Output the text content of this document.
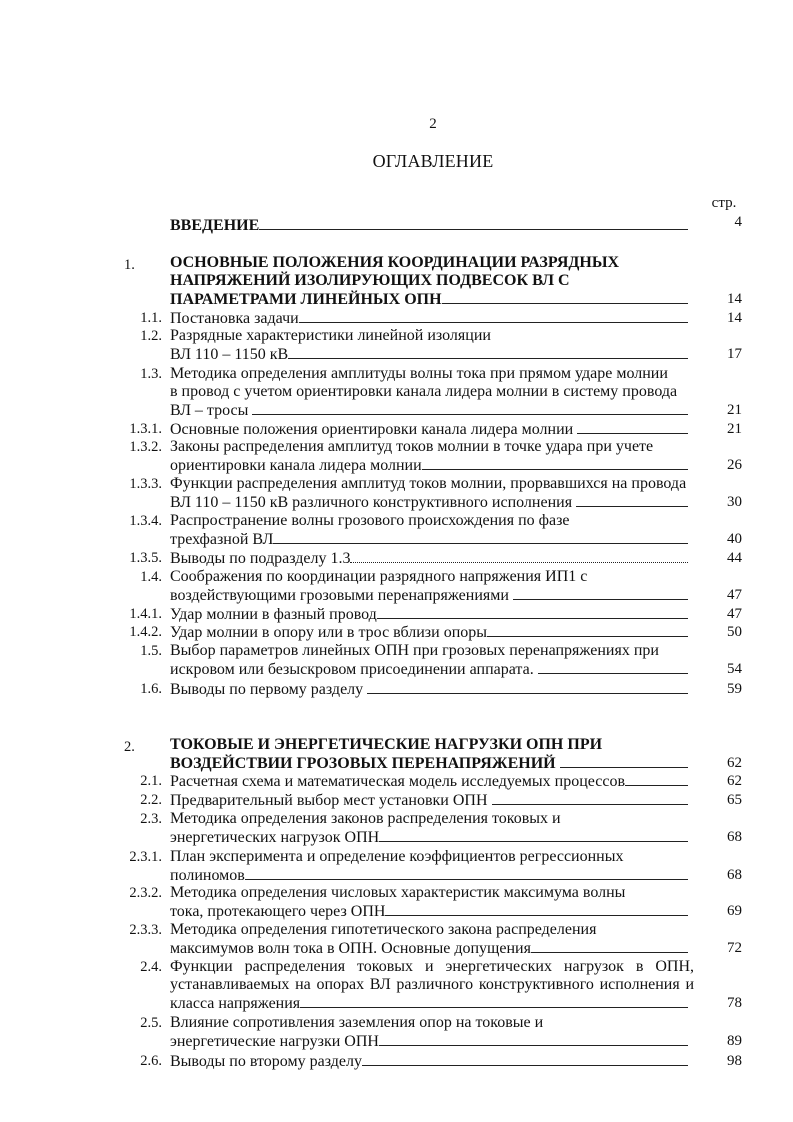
2
ОГЛАВЛЕНИЕ
стр.
ВВЕДЕНИЕ	4
1.	ОСНОВНЫЕ ПОЛОЖЕНИЯ КООРДИНАЦИИ РАЗРЯДНЫХ
НАПРЯЖЕНИЙ ИЗОЛИРУЮЩИХ ПОДВЕСОК ВЛ С
ПАРАМЕТРАМИ ЛИНЕЙНЫХ ОПН	14
1.1. Постановка задачи	14
1.2. Разрядные характеристики линейной изоляции
ВЛ 110 – 1150 кВ	17
1.3. Методика определения амплитуды волны тока при прямом ударе молнии
в провод с учетом ориентировки канала лидера молнии в систему провода
ВЛ – тросы	21
1.3.1. Основные положения ориентировки канала лидера молнии	21
1.3.2. Законы распределения амплитуд токов молнии в точке удара при учете
ориентировки канала лидера молнии	26
1.3.3. Функции распределения амплитуд токов молнии, прорвавшихся на провода
ВЛ 110 – 1150 кВ различного конструктивного исполнения	30
1.3.4. Распространение волны грозового происхождения по фазе
трехфазной ВЛ	40
1.3.5. Выводы по подразделу 1.3	44
1.4. Соображения по координации разрядного напряжения ИП1 с
воздействующими грозовыми перенапряжениями	47
1.4.1. Удар молнии в фазный провод	47
1.4.2. Удар молнии в опору или в трос вблизи опоры	50
1.5. Выбор параметров линейных ОПН при грозовых перенапряжениях при
искровом или безыскровом присоединении аппарата.	54
1.6. Выводы по первому разделу	59
2.	ТОКОВЫЕ И ЭНЕРГЕТИЧЕСКИЕ НАГРУЗКИ ОПН ПРИ
ВОЗДЕЙСТВИИ ГРОЗОВЫХ ПЕРЕНАПРЯЖЕНИЙ	62
2.1. Расчетная схема и математическая модель исследуемых процессов	62
2.2. Предварительный выбор мест установки ОПН	65
2.3. Методика определения законов распределения токовых и
энергетических нагрузок ОПН	68
2.3.1. План эксперимента и определение коэффициентов регрессионных
полиномов	68
2.3.2. Методика определения числовых характеристик максимума волны
тока, протекающего через ОПН	69
2.3.3. Методика определения гипотетического закона распределения
максимумов волн тока в ОПН. Основные допущения	72
2.4. Функции распределения токовых и энергетических нагрузок в ОПН,
устанавливаемых на опорах ВЛ различного конструктивного исполнения и
класса напряжения	78
2.5. Влияние сопротивления заземления опор на токовые и
энергетические нагрузки ОПН	89
2.6. Выводы по второму разделу	98
